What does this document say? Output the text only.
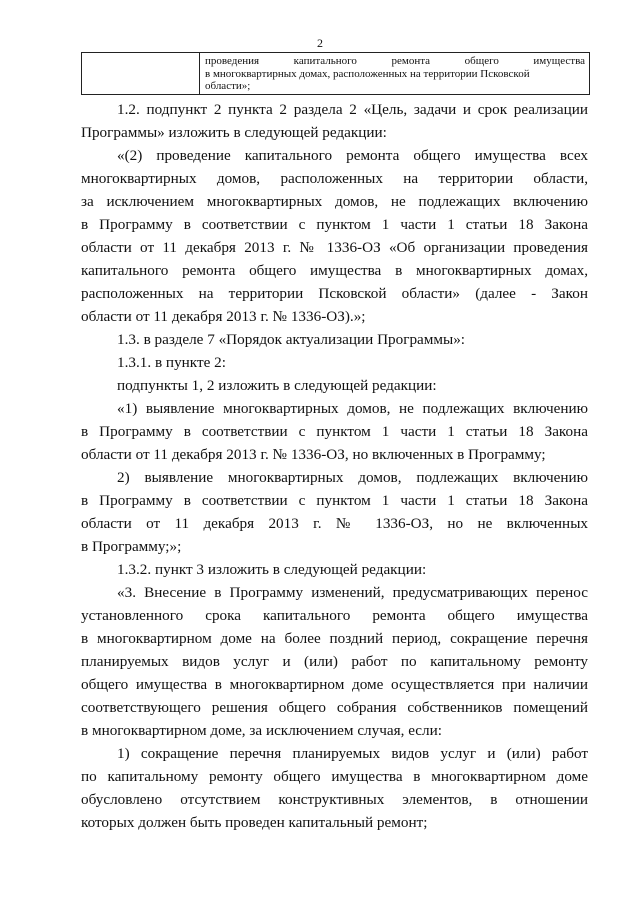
2
проведения капитального ремонта общего имущества
в многоквартирных домах, расположенных на территории Псковской
области»;
1.2. подпункт 2 пункта 2 раздела 2 «Цель, задачи и срок реализации
Программы» изложить в следующей редакции:
«(2) проведение капитального ремонта общего имущества всех
многоквартирных домов, расположенных на территории области,
за исключением многоквартирных домов, не подлежащих включению
в Программу в соответствии с пунктом 1 части 1 статьи 18 Закона
области от 11 декабря 2013 г. № 1336-ОЗ «Об организации проведения
капитального ремонта общего имущества в многоквартирных домах,
расположенных на территории Псковской области» (далее - Закон
области от 11 декабря 2013 г. № 1336-ОЗ).»;
1.3. в разделе 7 «Порядок актуализации Программы»:
1.3.1. в пункте 2:
подпункты 1, 2 изложить в следующей редакции:
«1) выявление многоквартирных домов, не подлежащих включению
в Программу в соответствии с пунктом 1 части 1 статьи 18 Закона
области от 11 декабря 2013 г. № 1336-ОЗ, но включенных в Программу;
2) выявление многоквартирных домов, подлежащих включению
в Программу в соответствии с пунктом 1 части 1 статьи 18 Закона
области от 11 декабря 2013 г. № 1336-ОЗ, но не включенных
в Программу;»;
1.3.2. пункт 3 изложить в следующей редакции:
«3. Внесение в Программу изменений, предусматривающих перенос
установленного срока капитального ремонта общего имущества
в многоквартирном доме на более поздний период, сокращение перечня
планируемых видов услуг и (или) работ по капитальному ремонту
общего имущества в многоквартирном доме осуществляется при наличии
соответствующего решения общего собрания собственников помещений
в многоквартирном доме, за исключением случая, если:
1) сокращение перечня планируемых видов услуг и (или) работ
по капитальному ремонту общего имущества в многоквартирном доме
обусловлено отсутствием конструктивных элементов, в отношении
которых должен быть проведен капитальный ремонт;
